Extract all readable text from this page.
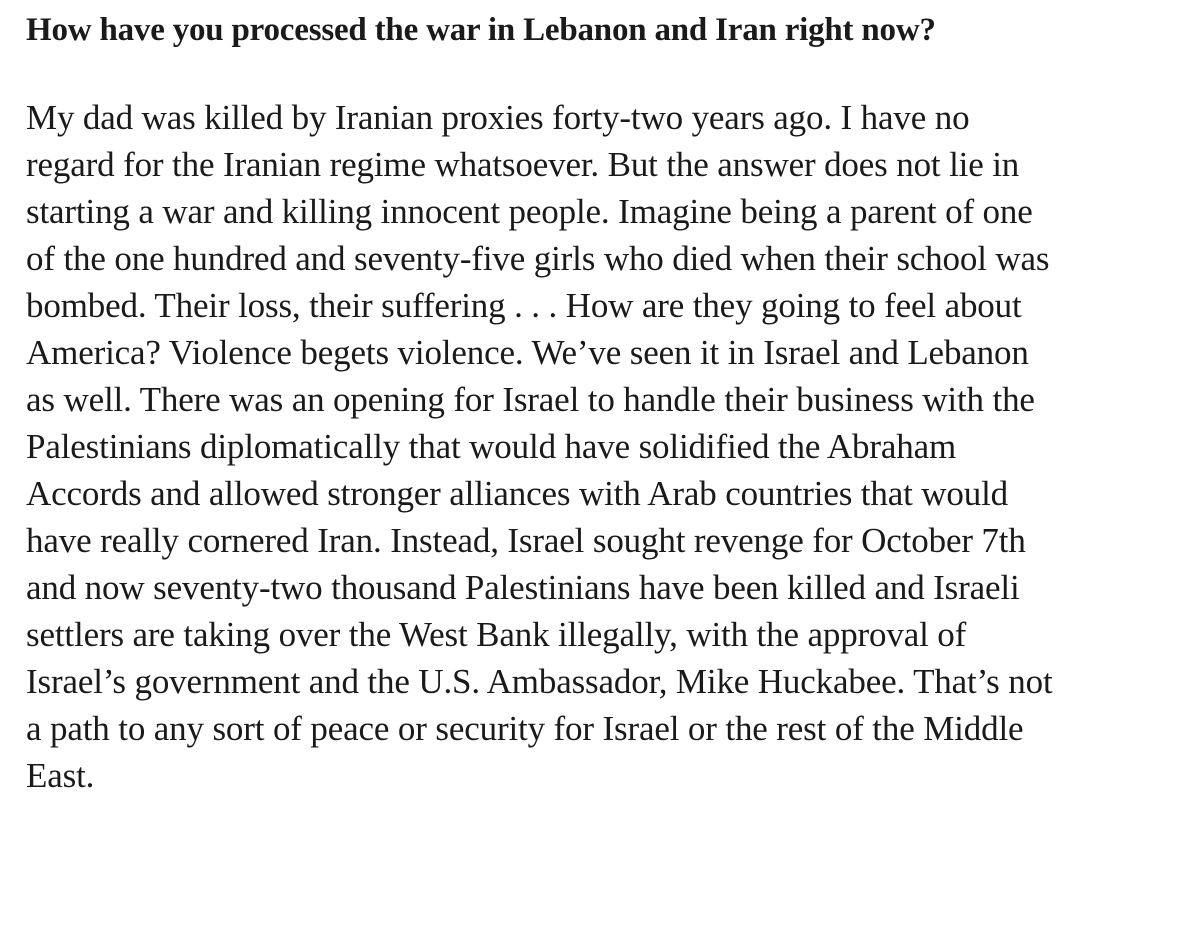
How have you processed the war in Lebanon and Iran right now?

My dad was killed by Iranian proxies forty-two years ago. I have no
regard for the Iranian regime whatsoever. But the answer does not lie in
starting a war and killing innocent people. Imagine being a parent of one
of the one hundred and seventy-five girls who died when their school was
bombed. Their loss, their suffering . . . How are they going to feel about
America? Violence begets violence. We’ve seen it in Israel and Lebanon
as well. There was an opening for Israel to handle their business with the
Palestinians diplomatically that would have solidified the Abraham
Accords and allowed stronger alliances with Arab countries that would
have really cornered Iran. Instead, Israel sought revenge for October 7th
and now seventy-two thousand Palestinians have been killed and Israeli
settlers are taking over the West Bank illegally, with the approval of
Israel’s government and the U.S. Ambassador, Mike Huckabee. That’s not
a path to any sort of peace or security for Israel or the rest of the Middle
East.
